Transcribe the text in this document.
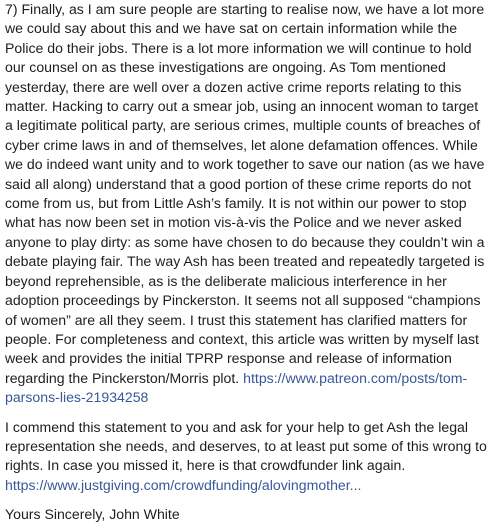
7) Finally, as I am sure people are starting to realise now, we have a lot more we could say about this and we have sat on certain information while the Police do their jobs. There is a lot more information we will continue to hold our counsel on as these investigations are ongoing. As Tom mentioned yesterday, there are well over a dozen active crime reports relating to this matter. Hacking to carry out a smear job, using an innocent woman to target a legitimate political party, are serious crimes, multiple counts of breaches of cyber crime laws in and of themselves, let alone defamation offences. While we do indeed want unity and to work together to save our nation (as we have said all along) understand that a good portion of these crime reports do not come from us, but from Little Ash’s family. It is not within our power to stop what has now been set in motion vis-à-vis the Police and we never asked anyone to play dirty: as some have chosen to do because they couldn’t win a debate playing fair. The way Ash has been treated and repeatedly targeted is beyond reprehensible, as is the deliberate malicious interference in her adoption proceedings by Pinckerston. It seems not all supposed “champions of women” are all they seem. I trust this statement has clarified matters for people. For completeness and context, this article was written by myself last week and provides the initial TPRP response and release of information regarding the Pinckerston/Morris plot. https://www.patreon.com/posts/tom-parsons-lies-21934258

I commend this statement to you and ask for your help to get Ash the legal representation she needs, and deserves, to at least put some of this wrong to rights. In case you missed it, here is that crowdfunder link again. https://www.justgiving.com/crowdfunding/alovingmother...

Yours Sincerely, John White
